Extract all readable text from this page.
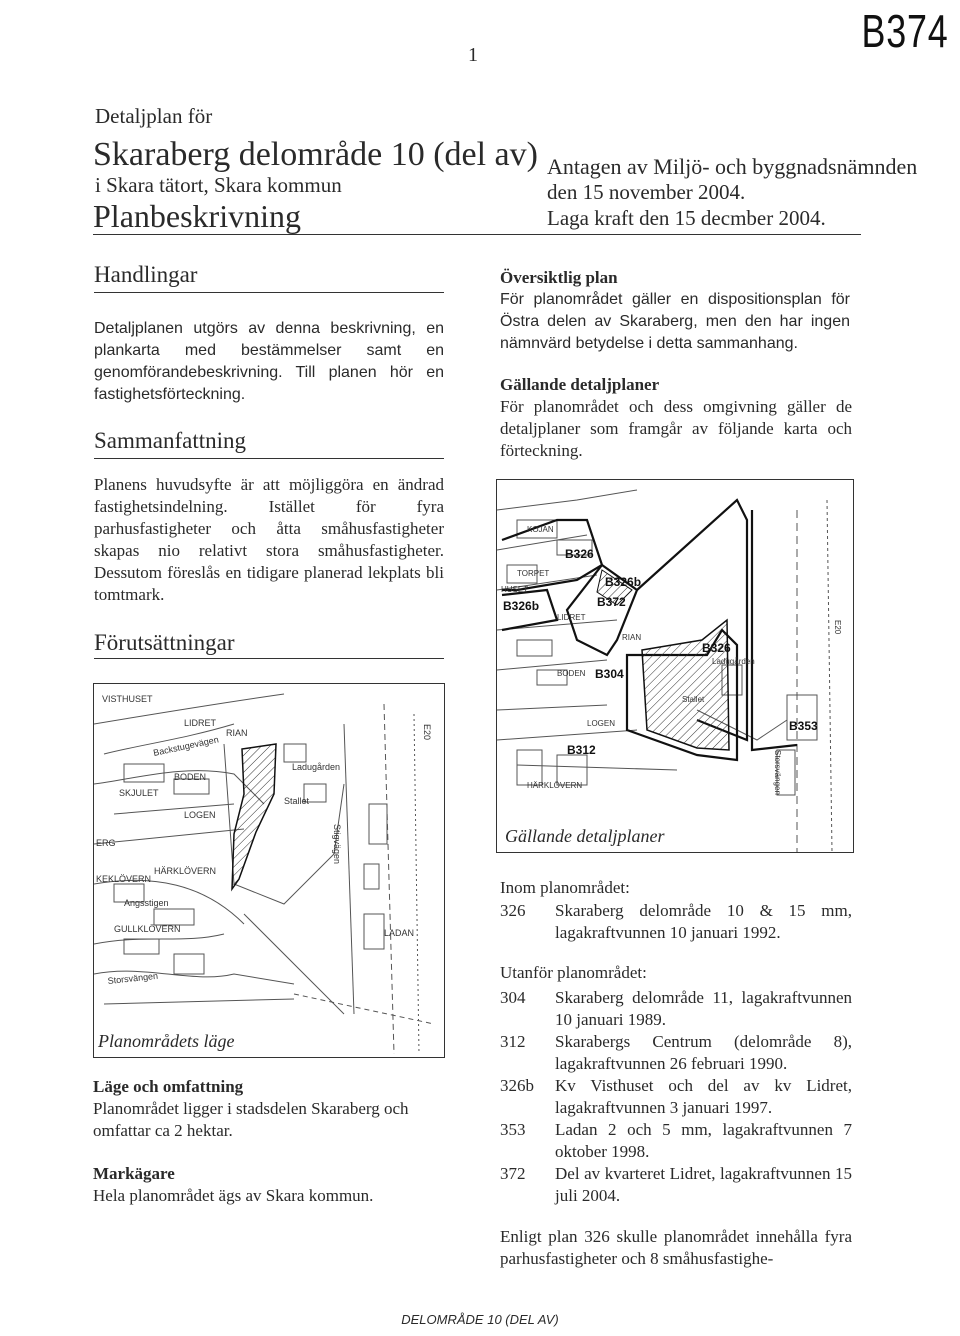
B374
1
Detaljplan för
Skaraberg delområde 10 (del av)
i Skara tätort, Skara kommun
Planbeskrivning
Antagen av Miljö- och byggnadsnämnden
den 15 november 2004.
Laga kraft den 15 decmber 2004.
Handlingar

Detaljplanen utgörs av denna beskrivning, en plankarta med bestämmelser samt en genomförandebeskrivning. Till planen hör en fastighetsförteckning.

Sammanfattning

Planens huvudsyfte är att möjliggöra en ändrad fastighetsindelning. Istället för fyra parhusfastigheter och åtta småhusfastigheter skapas nio relativt stora småhusfastigheter. Dessutom föreslås en tidigare planerad lekplats bli tomtmark.

Förutsättningar
VISTHUSET
LIDRET
RIAN
BODEN
SKJULET
LOGEN
Ladugården
Stallet
Stigvägen
Backstugevägen
HÄRKLÖVERN
Angsstigen
GULLKLÖVERN
Storsvängen
LADAN
E20
ERG
KEKLÖVERN
Planområdets läge
Läge och omfattning

Planområdet ligger i stadsdelen Skaraberg och omfattar ca 2 hektar.

Markägare

Hela planområdet ägs av Skara kommun.

Översiktlig plan

För planområdet gäller en dispositionsplan för Östra delen av Skaraberg, men den har ingen nämnvärd betydelse i detta sammanhang.

Gällande detaljplaner

För planområdet och dess omgivning gäller de detaljplaner som framgår av följande karta och förteckning.

B326
B326b
B326b	B372
B326
B304
B312
B353
KOJAN
TORPET
HUSET
LIDRET
RIAN
BODEN
LOGEN
HÄRKLÖVERN
Ladugården
Stallet
Storsvängen
E20
Gällande detaljplaner
Inom planområdet:
326	Skaraberg delområde 10 & 15 mm, lagakraftvunnen 10 januari 1992.
Utanför planområdet:
304	Skaraberg delområde 11, lagakraftvunnen 10 januari 1989.
312	Skarabergs Centrum (delområde 8), lagakraftvunnen 26 februari 1990.
326b	Kv Visthuset och del av kv Lidret, lagakraftvunnen 3 januari 1997.
353	Ladan 2 och 5 mm, lagakraftvunnen 7 oktober 1998.
372	Del av kvarteret Lidret, lagakraftvunnen 15 juli 2004.

Enligt plan 326 skulle planområdet innehålla fyra parhusfastigheter och 8 småhusfastighe-

DELOMRÅDE 10 (DEL AV)
